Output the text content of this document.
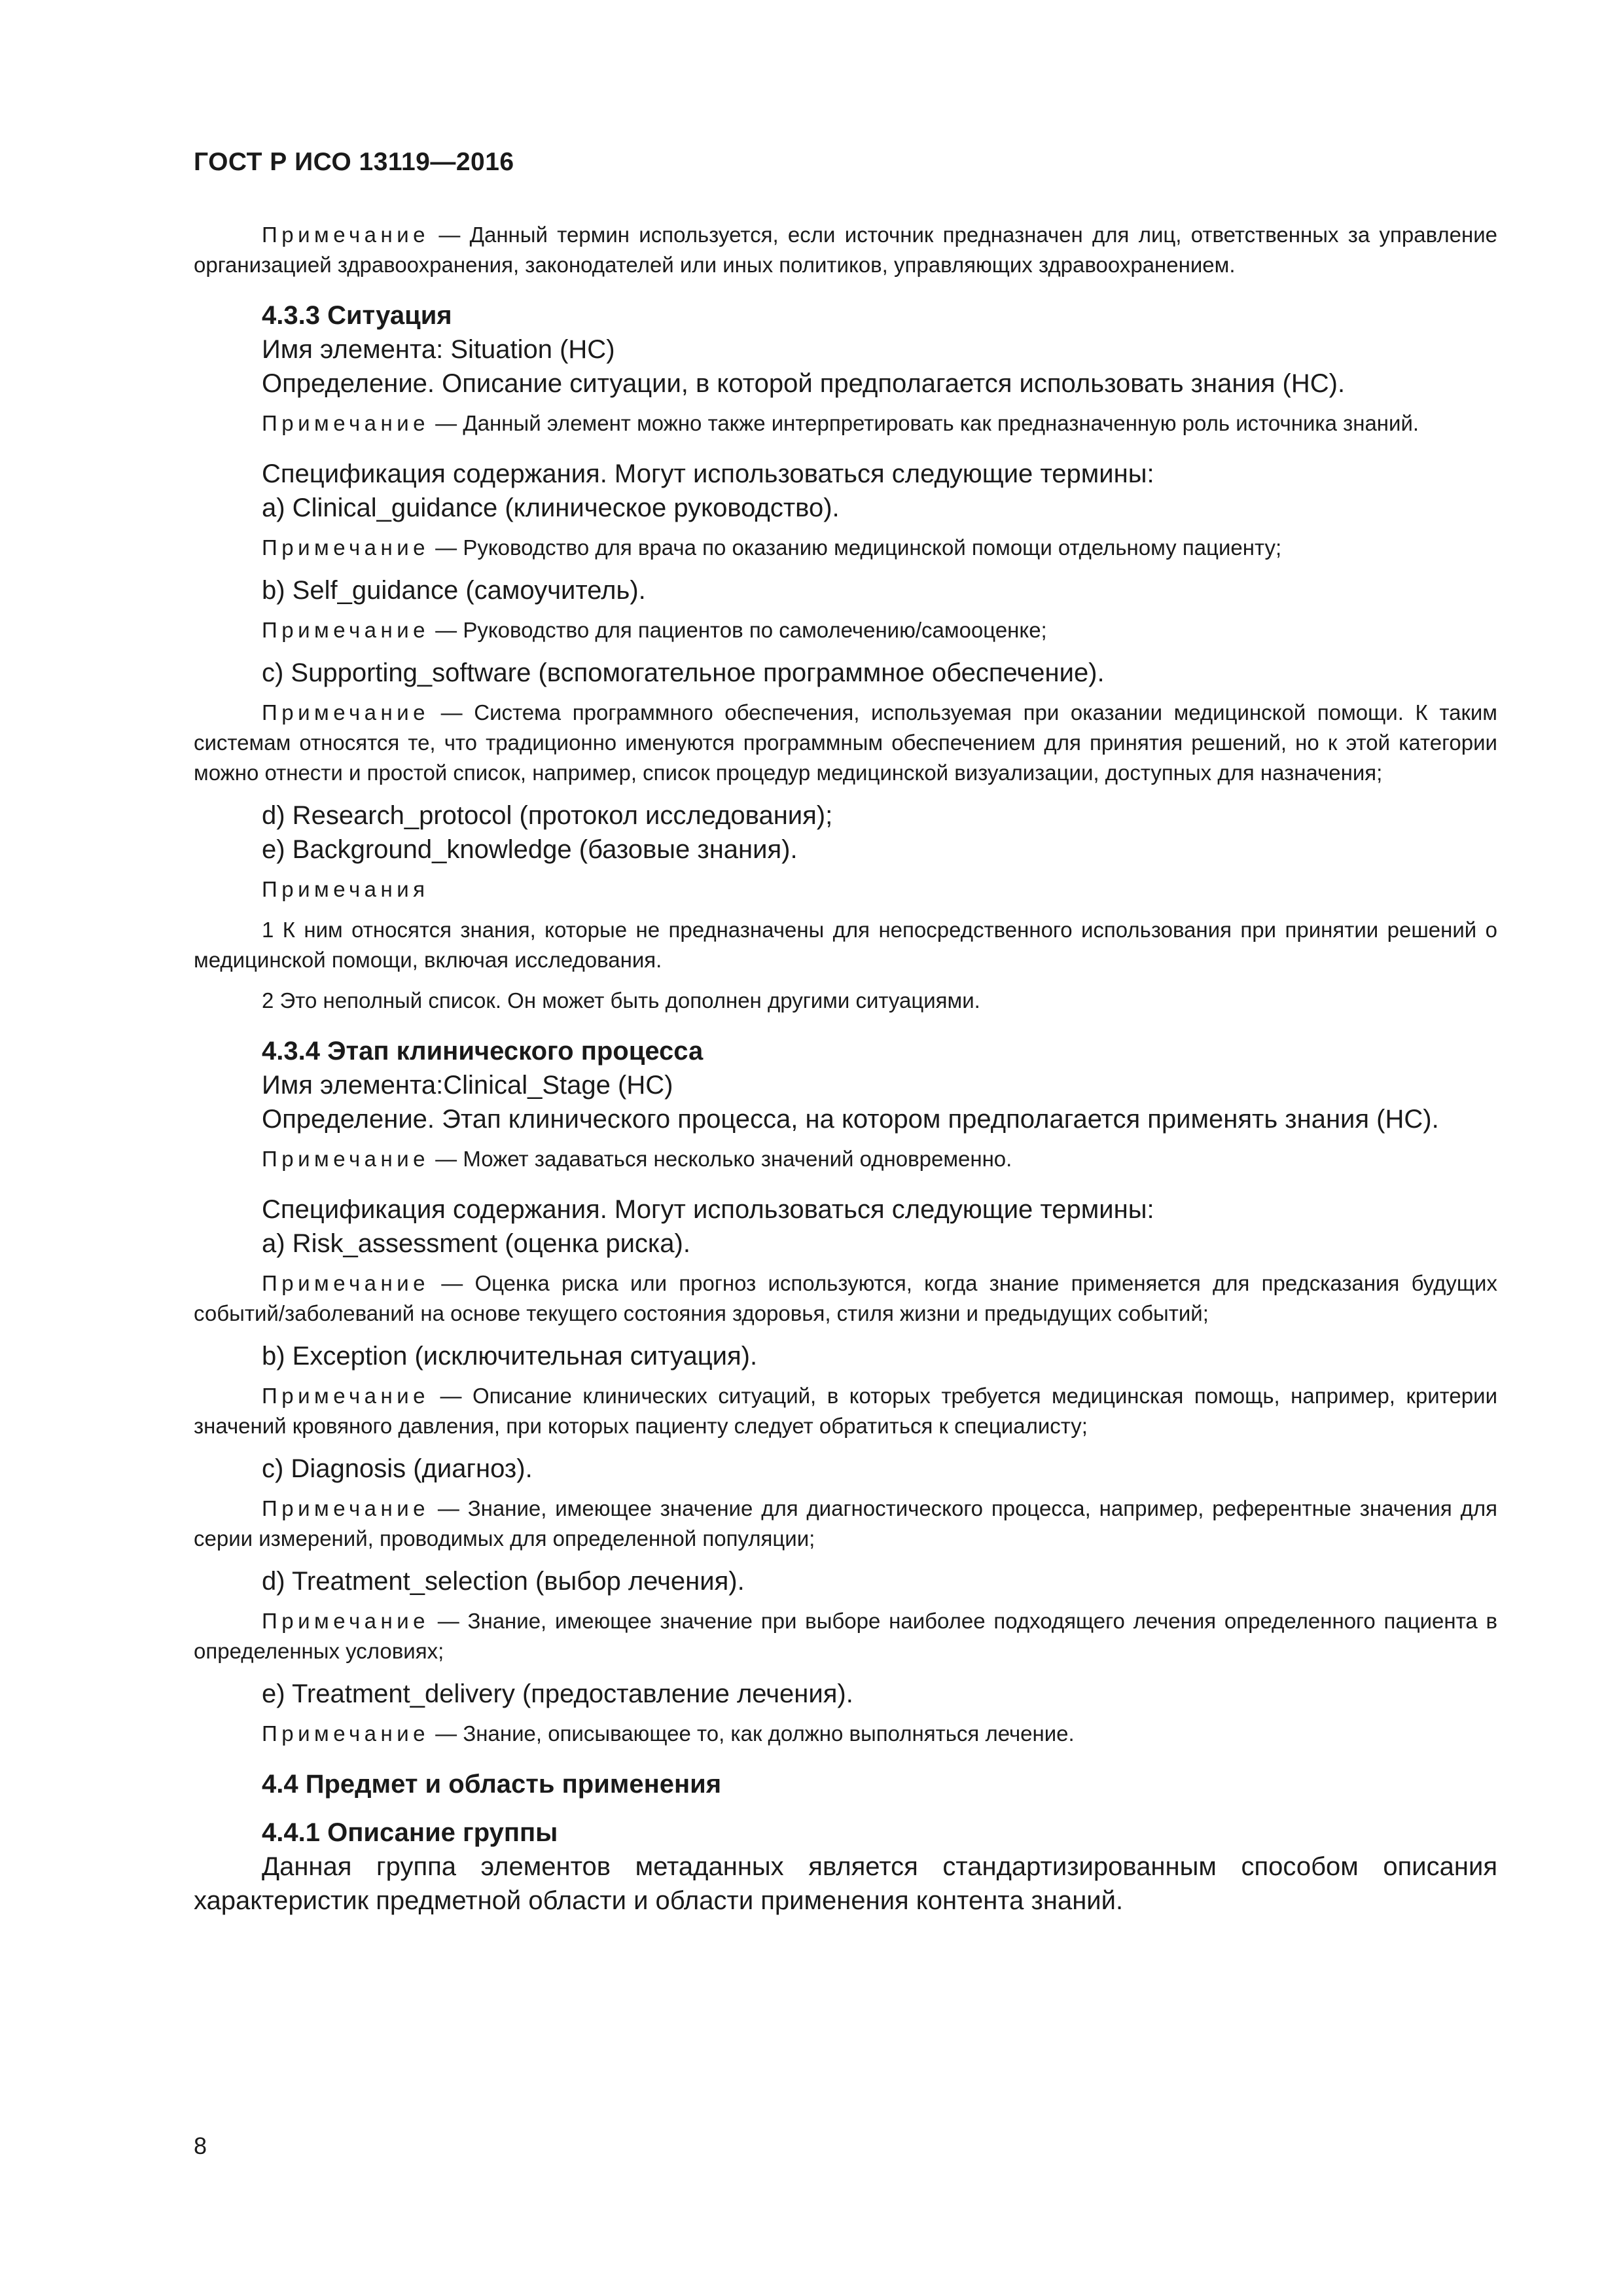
ГОСТ Р ИСО 13119—2016

Примечание — Данный термин используется, если источник предназначен для лиц, ответственных за управление организацией здравоохранения, законодателей или иных политиков, управляющих здравоохранением.

4.3.3 Ситуация

Имя элемента: Situation (НС)

Определение. Описание ситуации, в которой предполагается использовать знания (НС).

Примечание — Данный элемент можно также интерпретировать как предназначенную роль источника знаний.

Спецификация содержания. Могут использоваться следующие термины:

a) Clinical_guidance (клиническое руководство).

Примечание — Руководство для врача по оказанию медицинской помощи отдельному пациенту;

b) Self_guidance (самоучитель).

Примечание — Руководство для пациентов по самолечению/самооценке;

c) Supporting_software (вспомогательное программное обеспечение).

Примечание — Система программного обеспечения, используемая при оказании медицинской помощи. К таким системам относятся те, что традиционно именуются программным обеспечением для принятия решений, но к этой категории можно отнести и простой список, например, список процедур медицинской визуализации, доступных для назначения;

d) Research_protocol (протокол исследования);

e) Background_knowledge (базовые знания).

Примечания

1 К ним относятся знания, которые не предназначены для непосредственного использования при принятии решений о медицинской помощи, включая исследования.

2 Это неполный список. Он может быть дополнен другими ситуациями.

4.3.4 Этап клинического процесса

Имя элемента:Clinical_Stage (НС)

Определение. Этап клинического процесса, на котором предполагается применять знания (НС).

Примечание — Может задаваться несколько значений одновременно.

Спецификация содержания. Могут использоваться следующие термины:

a) Risk_assessment (оценка риска).

Примечание — Оценка риска или прогноз используются, когда знание применяется для предсказания будущих событий/заболеваний на основе текущего состояния здоровья, стиля жизни и предыдущих событий;

b) Exception (исключительная ситуация).

Примечание — Описание клинических ситуаций, в которых требуется медицинская помощь, например, критерии значений кровяного давления, при которых пациенту следует обратиться к специалисту;

c) Diagnosis (диагноз).

Примечание — Знание, имеющее значение для диагностического процесса, например, референтные значения для серии измерений, проводимых для определенной популяции;

d) Treatment_selection (выбор лечения).

Примечание — Знание, имеющее значение при выборе наиболее подходящего лечения определенного пациента в определенных условиях;

e) Treatment_delivery (предоставление лечения).

Примечание — Знание, описывающее то, как должно выполняться лечение.

4.4 Предмет и область применения

4.4.1 Описание группы

Данная группа элементов метаданных является стандартизированным способом описания характеристик предметной области и области применения контента знаний.

8
